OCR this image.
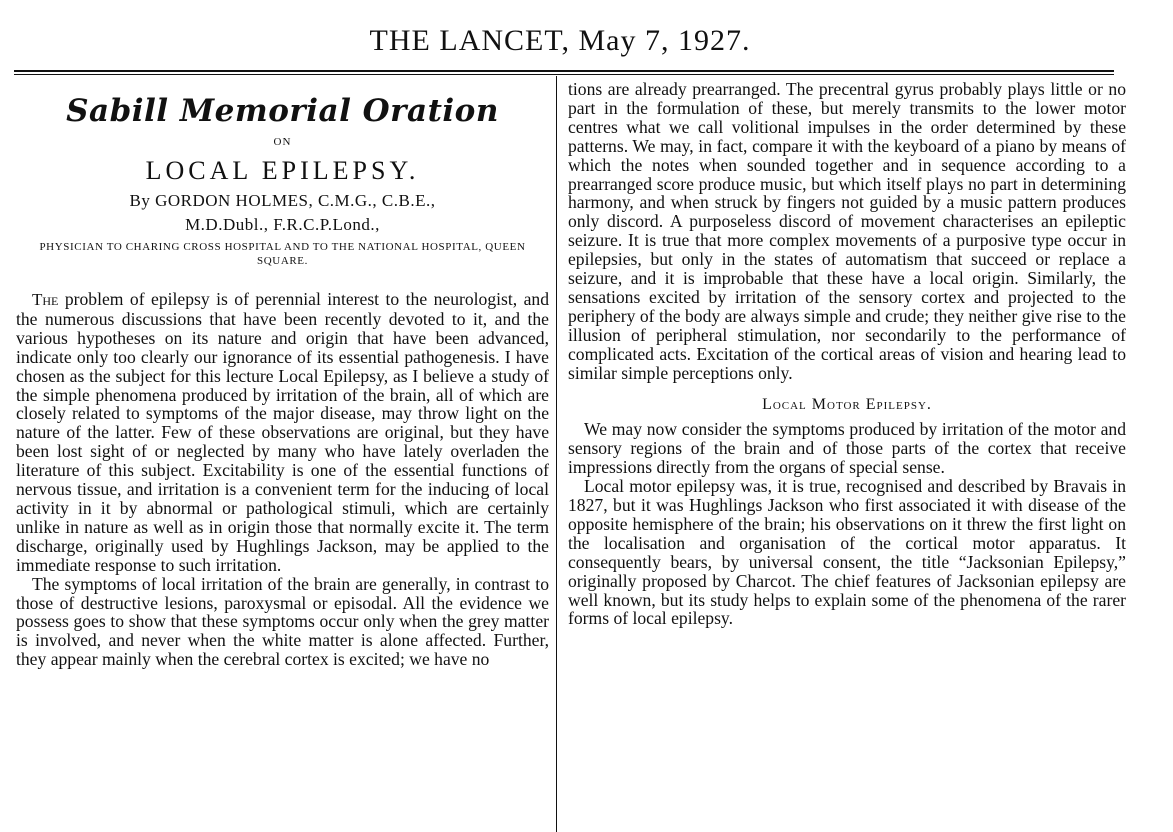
THE LANCET, May 7, 1927.
Sabill Memorial Oration
ON
LOCAL EPILEPSY.
By GORDON HOLMES, C.M.G., C.B.E.,
M.D.Dubl., F.R.C.P.Lond.,
PHYSICIAN TO CHARING CROSS HOSPITAL AND TO THE NATIONAL HOSPITAL, QUEEN SQUARE.

The problem of epilepsy is of perennial interest to the neurologist, and the numerous discussions that have been recently devoted to it, and the various hypotheses on its nature and origin that have been advanced, indicate only too clearly our ignorance of its essential pathogenesis. I have chosen as the subject for this lecture Local Epilepsy, as I believe a study of the simple phenomena produced by irritation of the brain, all of which are closely related to symptoms of the major disease, may throw light on the nature of the latter. Few of these observations are original, but they have been lost sight of or neglected by many who have lately overladen the literature of this subject. Excitability is one of the essential functions of nervous tissue, and irritation is a convenient term for the inducing of local activity in it by abnormal or pathological stimuli, which are certainly unlike in nature as well as in origin those that normally excite it. The term discharge, originally used by Hughlings Jackson, may be applied to the immediate response to such irritation.

The symptoms of local irritation of the brain are generally, in contrast to those of destructive lesions, paroxysmal or episodal. All the evidence we possess goes to show that these symptoms occur only when the grey matter is involved, and never when the white matter is alone affected. Further, they appear mainly when the cerebral cortex is excited; we have no

tions are already prearranged. The precentral gyrus probably plays little or no part in the formulation of these, but merely transmits to the lower motor centres what we call volitional impulses in the order determined by these patterns. We may, in fact, compare it with the keyboard of a piano by means of which the notes when sounded together and in sequence according to a prearranged score produce music, but which itself plays no part in determining harmony, and when struck by fingers not guided by a music pattern produces only discord. A purposeless discord of movement characterises an epileptic seizure. It is true that more complex movements of a purposive type occur in epilepsies, but only in the states of automatism that succeed or replace a seizure, and it is improbable that these have a local origin. Similarly, the sensations excited by irritation of the sensory cortex and projected to the periphery of the body are always simple and crude; they neither give rise to the illusion of peripheral stimulation, nor secondarily to the performance of complicated acts. Excitation of the cortical areas of vision and hearing lead to similar simple perceptions only.

Local Motor Epilepsy.

We may now consider the symptoms produced by irritation of the motor and sensory regions of the brain and of those parts of the cortex that receive impressions directly from the organs of special sense.

Local motor epilepsy was, it is true, recognised and described by Bravais in 1827, but it was Hughlings Jackson who first associated it with disease of the opposite hemisphere of the brain; his observations on it threw the first light on the localisation and organisation of the cortical motor apparatus. It consequently bears, by universal consent, the title “Jacksonian Epilepsy,” originally proposed by Charcot. The chief features of Jacksonian epilepsy are well known, but its study helps to explain some of the phenomena of the rarer forms of local epilepsy.
